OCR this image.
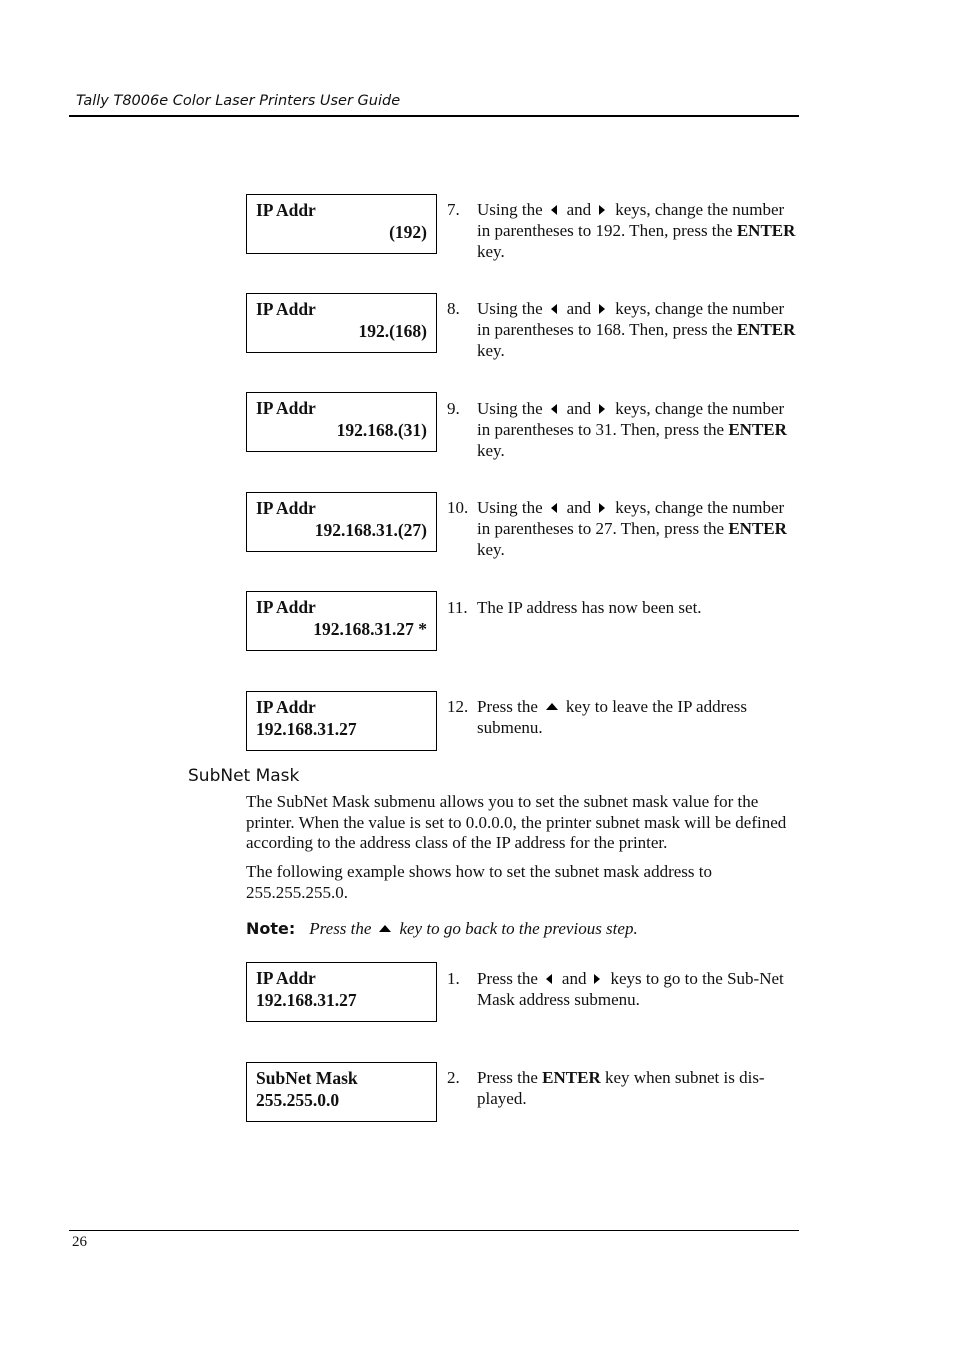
Tally T8006e Color Laser Printers User Guide
IP Addr
(192)
7. Using the and keys, change the number in parentheses to 192. Then, press the ENTER key.
IP Addr
192.(168)
8. Using the and keys, change the number in parentheses to 168. Then, press the ENTER key.
IP Addr
192.168.(31)
9. Using the and keys, change the number in parentheses to 31. Then, press the ENTER key.
IP Addr
192.168.31.(27)
10. Using the and keys, change the number in parentheses to 27. Then, press the ENTER key.
IP Addr
192.168.31.27 *
11. The IP address has now been set.
IP Addr
192.168.31.27
12. Press the key to leave the IP address submenu.
SubNet Mask
The SubNet Mask submenu allows you to set the subnet mask value for the printer. When the value is set to 0.0.0.0, the printer subnet mask will be defined according to the address class of the IP address for the printer.
The following example shows how to set the subnet mask address to 255.255.255.0.
Note: Press the key to go back to the previous step.
IP Addr
192.168.31.27
1. Press the and keys to go to the Sub-Net Mask address submenu.
SubNet Mask
255.255.0.0
2. Press the ENTER key when subnet is dis-played.
26
